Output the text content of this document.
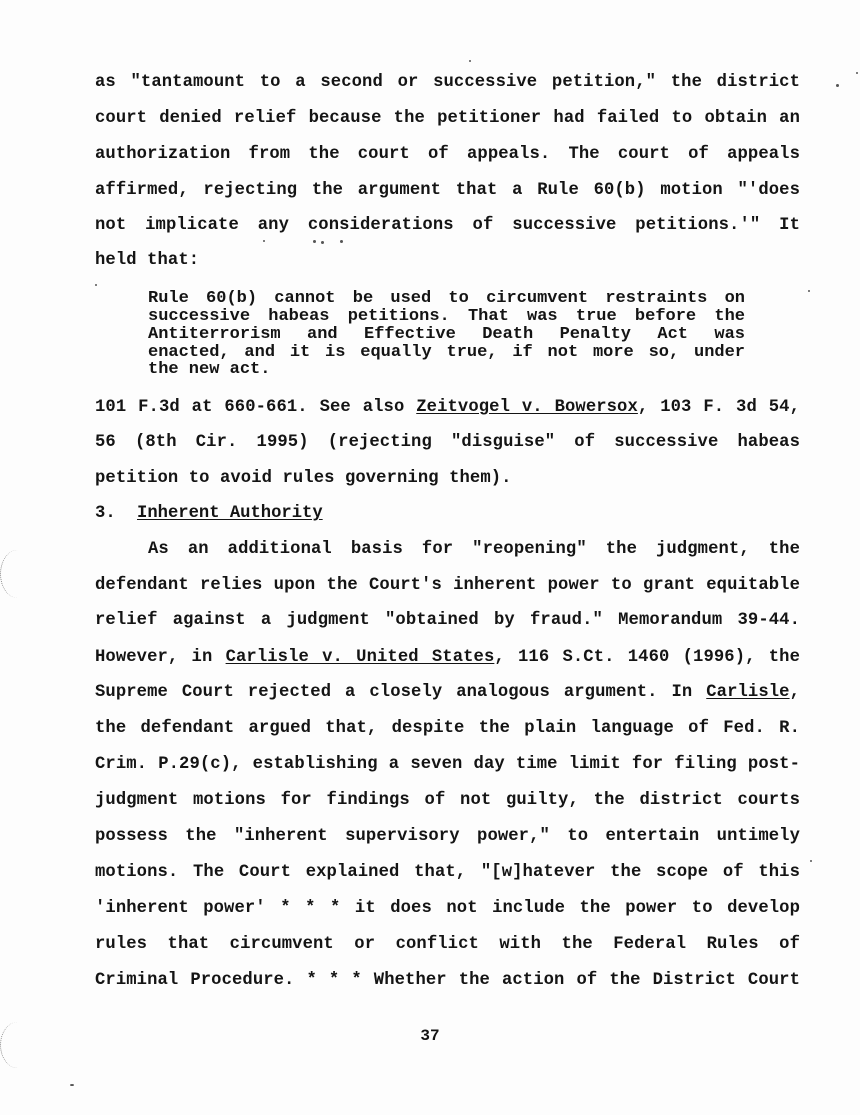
as "tantamount to a second or successive petition," the district
court denied relief because the petitioner had failed to obtain an
authorization from the court of appeals. The court of appeals
affirmed, rejecting the argument that a Rule 60(b) motion "'does
not implicate any considerations of successive petitions.'" It
held that:
Rule 60(b) cannot be used to circumvent restraints on
successive habeas petitions. That was true before the
Antiterrorism and Effective Death Penalty Act was
enacted, and it is equally true, if not more so, under
the new act.
101 F.3d at 660-661. See also Zeitvogel v. Bowersox, 103 F. 3d 54,
56 (8th Cir. 1995) (rejecting "disguise" of successive habeas
petition to avoid rules governing them).
3. Inherent Authority
As an additional basis for "reopening" the judgment, the
defendant relies upon the Court's inherent power to grant equitable
relief against a judgment "obtained by fraud." Memorandum 39-44.
However, in Carlisle v. United States, 116 S.Ct. 1460 (1996), the
Supreme Court rejected a closely analogous argument. In Carlisle,
the defendant argued that, despite the plain language of Fed. R.
Crim. P.29(c), establishing a seven day time limit for filing post-
judgment motions for findings of not guilty, the district courts
possess the "inherent supervisory power," to entertain untimely
motions. The Court explained that, "[w]hatever the scope of this
'inherent power' * * * it does not include the power to develop
rules that circumvent or conflict with the Federal Rules of
Criminal Procedure. * * * Whether the action of the District Court
37
